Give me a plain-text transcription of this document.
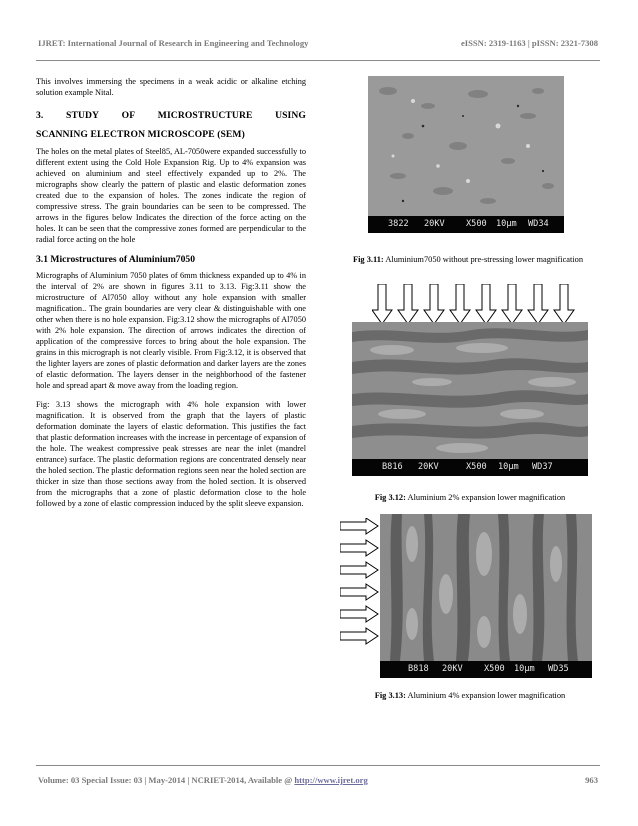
IJRET: International Journal of Research in Engineering and Technology	eISSN: 2319-1163 | pISSN: 2321-7308

This involves immersing the specimens in a weak acidic or alkaline etching solution example Nital.

3. STUDY OF MICROSTRUCTURE USING
SCANNING ELECTRON MICROSCOPE (SEM)

The holes on the metal plates of Steel85, AL-7050were expanded successfully to different extent using the Cold Hole Expansion Rig. Up to 4% expansion was achieved on aluminium and steel effectively expanded up to 2%. The micrographs show clearly the pattern of plastic and elastic deformation zones created due to the expansion of holes. The zones indicate the region of compressive stress. The grain boundaries can be seen to be compressed. The arrows in the figures below Indicates the direction of the force acting on the holes. It can be seen that the compressive zones formed are perpendicular to the radial force acting on the hole

3.1 Microstructures of Aluminium7050

Micrographs of Aluminium 7050 plates of 6mm thickness expanded up to 4% in the interval of 2% are shown in figures 3.11 to 3.13. Fig:3.11 show the microstructure of Al7050 alloy without any hole expansion with smaller magnification.. The grain boundaries are very clear & distinguishable with one other when there is no hole expansion. Fig:3.12 show the micrographs of Al7050 with 2% hole expansion. The direction of arrows indicates the direction of application of the compressive forces to bring about the hole expansion. The grains in this micrograph is not clearly visible. From Fig:3.12, it is observed that the lighter layers are zones of plastic deformation and darker layers are the zones of elastic deformation. The layers denser in the neighborhood of the fastener hole and spread apart & move away from the loading region.

Fig: 3.13 shows the micrograph with 4% hole expansion with lower magnification. It is observed from the graph that the layers of plastic deformation dominate the layers of elastic deformation. This justifies the fact that plastic deformation increases with the increase in percentage of expansion of the hole. The weakest compressive peak stresses are near the inlet (mandrel entrance) surface. The plastic deformation regions are concentrated densely near the holed section. The plastic deformation regions seen near the holed section are thicker in size than those sections away from the holed section. It is observed from the micrographs that a zone of plastic deformation close to the hole followed by a zone of elastic compression induced by the split sleeve expansion.

3822

20KV

X500

10μm

WD34

Fig 3.11: Aluminium7050 without pre-stressing lower magnification

B816

20KV

	X500

10μm

WD37

Fig 3.12: Aluminium 2% expansion lower magnification

B818

20KV

X500

10μm

WD35

Fig 3.13: Aluminium 4% expansion lower magnification
Volume: 03 Special Issue: 03 | May-2014 | NCRIET-2014, Available @ http://www.ijret.org	963
